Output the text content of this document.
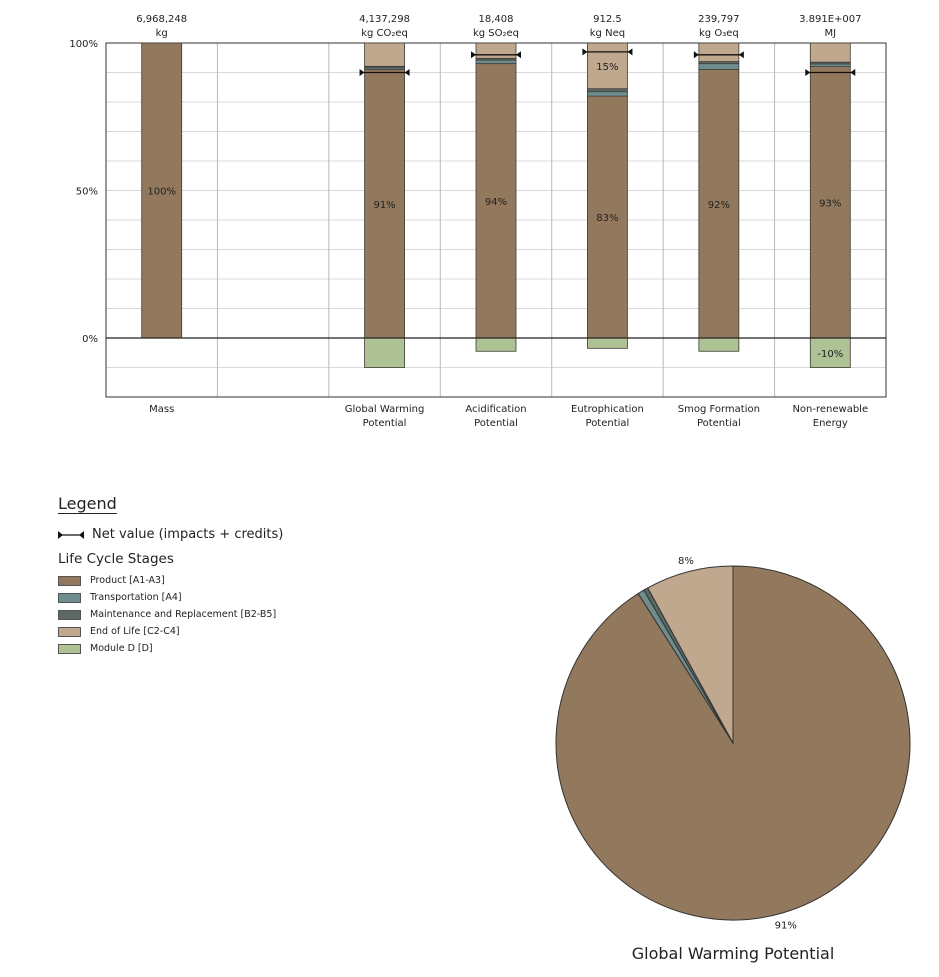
100%
50%
0%
6,968,248
kg
Mass
100%
4,137,298
kg CO₂eq
Global Warming
Potential
91%
18,408
kg SO₂eq
Acidification
Potential
94%
912.5
kg Neq
Eutrophication
Potential
83%
15%
239,797
kg O₃eq
Smog Formation
Potential
92%
3.891E+007
MJ
Non-renewable
Energy
93%
-10%
Legend
Net value (impacts + credits)
Life Cycle Stages
Product [A1-A3]
Transportation [A4]
Maintenance and Replacement [B2-B5]
End of Life [C2-C4]
Module D [D]
91%
8%
Global Warming Potential
